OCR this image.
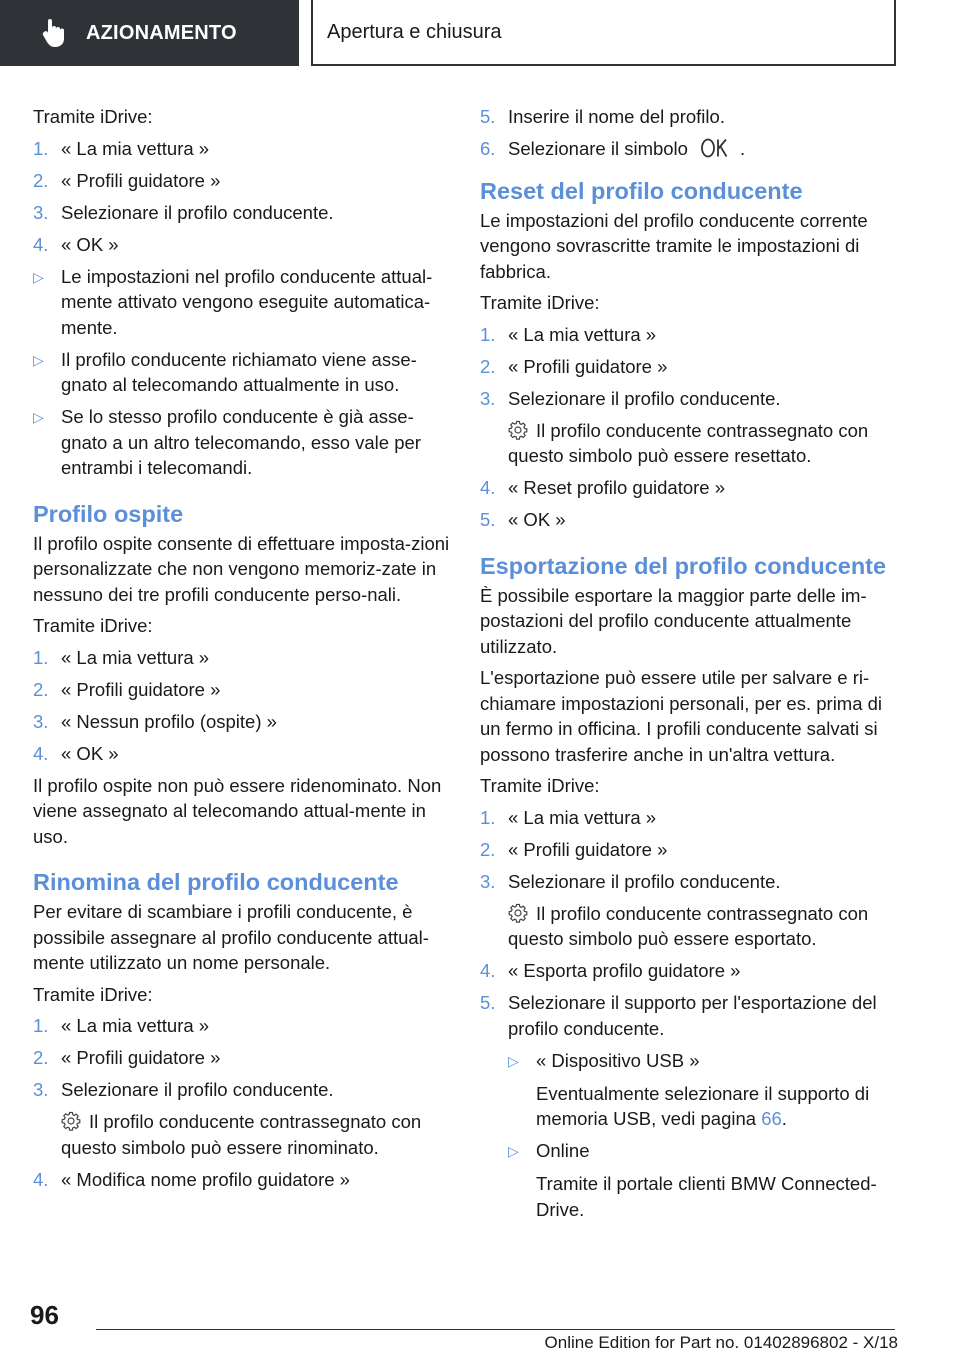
AZIONAMENTO	Apertura e chiusura
Tramite iDrive:
1. « La mia vettura »
2. « Profili guidatore »
3. Selezionare il profilo conducente.
4. « OK »
▷ Le impostazioni nel profilo conducente attual-mente attivato vengono eseguite automatica-mente.
▷ Il profilo conducente richiamato viene asse-gnato al telecomando attualmente in uso.
▷ Se lo stesso profilo conducente è già asse-gnato a un altro telecomando, esso vale per entrambi i telecomandi.
Profilo ospite
Il profilo ospite consente di effettuare imposta-zioni personalizzate che non vengono memoriz-zate in nessuno dei tre profili conducente perso-nali.
Tramite iDrive:
1. « La mia vettura »
2. « Profili guidatore »
3. « Nessun profilo (ospite) »
4. « OK »
Il profilo ospite non può essere ridenominato. Non viene assegnato al telecomando attual-mente in uso.
Rinomina del profilo conducente
Per evitare di scambiare i profili conducente, è possibile assegnare al profilo conducente attual-mente utilizzato un nome personale.
Tramite iDrive:
1. « La mia vettura »
2. « Profili guidatore »
3. Selezionare il profilo conducente.
Il profilo conducente contrassegnato con questo simbolo può essere rinominato.
4. « Modifica nome profilo guidatore »
5. Inserire il nome del profilo.
6. Selezionare il simbolo	.
Reset del profilo conducente
Le impostazioni del profilo conducente corrente vengono sovrascritte tramite le impostazioni di fabbrica.
Tramite iDrive:
1. « La mia vettura »
2. « Profili guidatore »
3. Selezionare il profilo conducente.
Il profilo conducente contrassegnato con questo simbolo può essere resettato.
4. « Reset profilo guidatore »
5. « OK »
Esportazione del profilo conducente
È possibile esportare la maggior parte delle im-postazioni del profilo conducente attualmente utilizzato.
L'esportazione può essere utile per salvare e ri-chiamare impostazioni personali, per es. prima di un fermo in officina. I profili conducente salvati si possono trasferire anche in un'altra vettura.
Tramite iDrive:
1. « La mia vettura »
2. « Profili guidatore »
3. Selezionare il profilo conducente.
Il profilo conducente contrassegnato con questo simbolo può essere esportato.
4. « Esporta profilo guidatore »
5. Selezionare il supporto per l'esportazione del profilo conducente.
▷ « Dispositivo USB »
Eventualmente selezionare il supporto di memoria USB, vedi pagina 66.
▷ Online
Tramite il portale clienti BMW Connected-Drive.
96
Online Edition for Part no. 01402896802 - X/18
